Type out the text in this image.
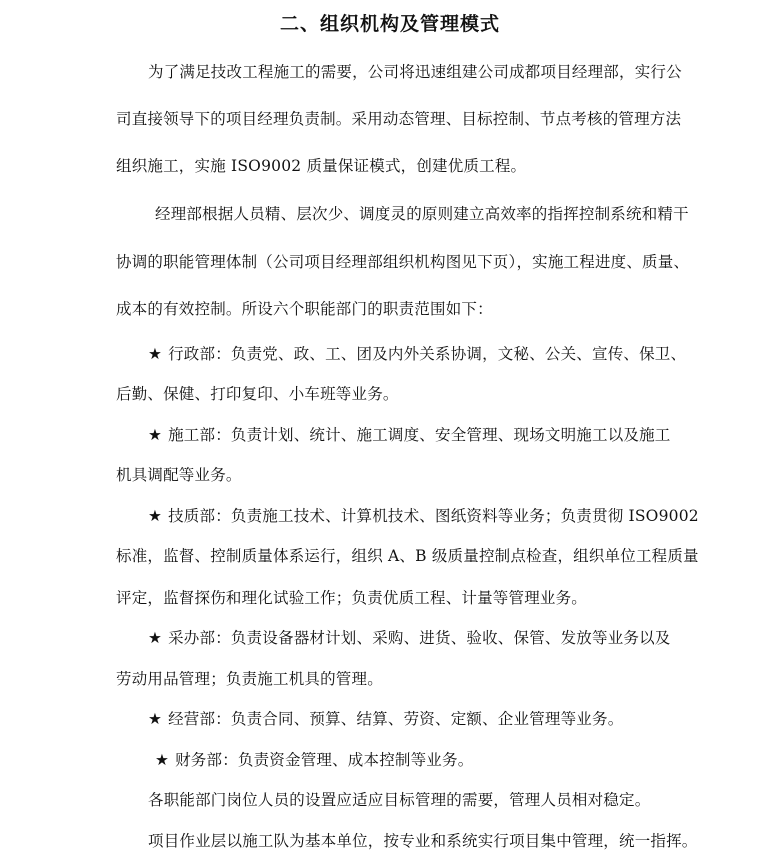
二、组织机构及管理模式
为了满足技改工程施工的需要，公司将迅速组建公司成都项目经理部，实行公
司直接领导下的项目经理负责制。采用动态管理、目标控制、节点考核的管理方法
组织施工，实施 ISO9002 质量保证模式，创建优质工程。
经理部根据人员精、层次少、调度灵的原则建立高效率的指挥控制系统和精干
协调的职能管理体制（公司项目经理部组织机构图见下页），实施工程进度、质量、
成本的有效控制。所设六个职能部门的职责范围如下：
★ 行政部：负责党、政、工、团及内外关系协调，文秘、公关、宣传、保卫、
后勤、保健、打印复印、小车班等业务。
★ 施工部：负责计划、统计、施工调度、安全管理、现场文明施工以及施工
机具调配等业务。
★ 技质部：负责施工技术、计算机技术、图纸资料等业务；负责贯彻 ISO9002
标准，监督、控制质量体系运行，组织 A、B 级质量控制点检查，组织单位工程质量
评定，监督探伤和理化试验工作；负责优质工程、计量等管理业务。
★ 采办部：负责设备器材计划、采购、进货、验收、保管、发放等业务以及
劳动用品管理；负责施工机具的管理。
★ 经营部：负责合同、预算、结算、劳资、定额、企业管理等业务。
★ 财务部：负责资金管理、成本控制等业务。
各职能部门岗位人员的设置应适应目标管理的需要，管理人员相对稳定。
项目作业层以施工队为基本单位，按专业和系统实行项目集中管理，统一指挥。
